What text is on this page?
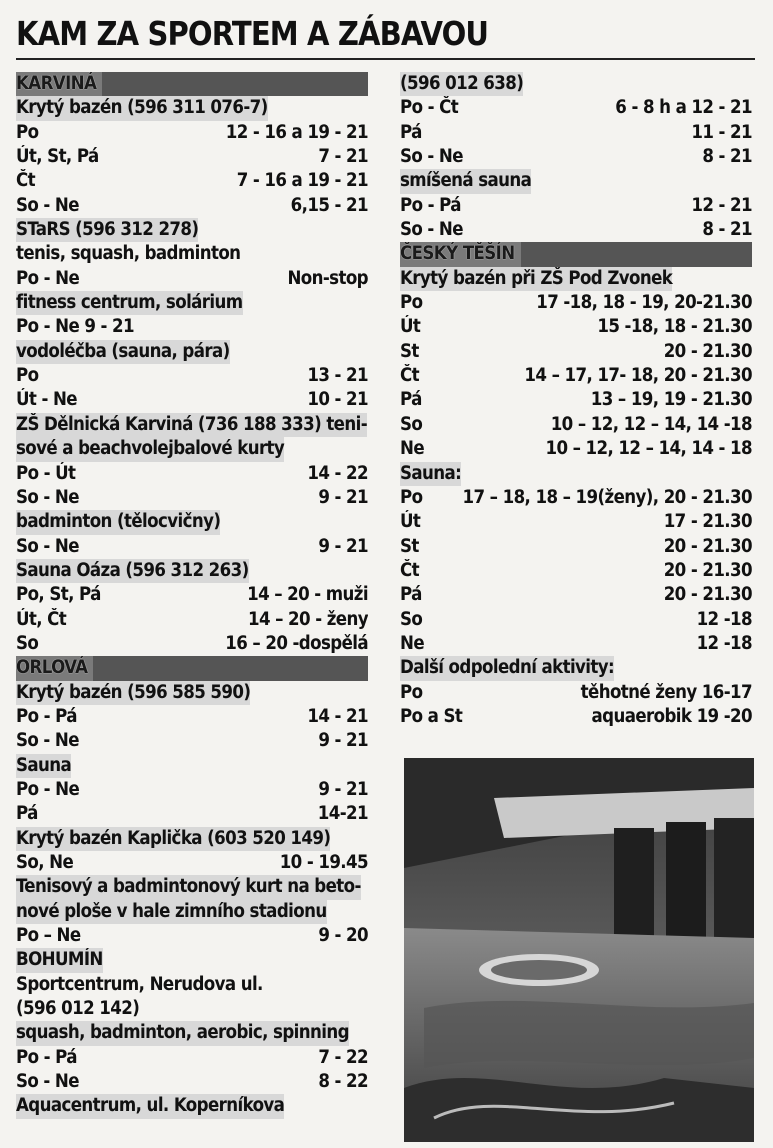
KAM ZA SPORTEM A ZÁBAVOU
KARVINÁ
Krytý bazén (596 311 076-7)
Po	12 - 16 a 19 - 21
Út, St, Pá	7 - 21
Čt	7 - 16 a 19 - 21
So - Ne	6,15 - 21
STaRS (596 312 278)
tenis, squash, badminton
Po - Ne	Non-stop
fitness centrum, solárium
Po - Ne 9 - 21
vodoléčba (sauna, pára)
Po	13 - 21
Út - Ne	10 - 21
ZŠ Dělnická Karviná (736 188 333) teni-
sové a beachvolejbalové kurty
Po - Út	14 - 22
So - Ne	9 - 21
badminton (tělocvičny)
So - Ne	9 - 21
Sauna Oáza (596 312 263)
Po, St, Pá	14 – 20 - muži
Út, Čt	14 – 20 - ženy
So	16 – 20 -dospělá
ORLOVÁ
Krytý bazén (596 585 590)
Po - Pá	14 - 21
So - Ne	9 - 21
Sauna
Po - Ne	9 - 21
Pá	14-21
Krytý bazén Kaplička (603 520 149)
So, Ne	10 - 19.45
Tenisový a badmintonový kurt na beto-
nové ploše v hale zimního stadionu
Po – Ne	9 - 20
BOHUMÍN
Sportcentrum, Nerudova ul.
(596 012 142)
squash, badminton, aerobic, spinning
Po - Pá	7 - 22
So - Ne	8 - 22
Aquacentrum, ul. Koperníkova
(596 012 638)
Po - Čt	6 - 8 h a 12 - 21
Pá	11 - 21
So - Ne	8 - 21
smíšená sauna
Po - Pá	12 - 21
So - Ne	8 - 21
ČESKÝ TĚŠÍN
Krytý bazén při ZŠ Pod Zvonek
Po	17 -18, 18 - 19, 20-21.30
Út	15 -18, 18 - 21.30
St	20 - 21.30
Čt	14 – 17, 17- 18, 20 - 21.30
Pá	13 – 19, 19 - 21.30
So	10 – 12, 12 – 14, 14 -18
Ne	10 – 12, 12 – 14, 14 - 18
Sauna:
Po 17 – 18, 18 – 19(ženy), 20 - 21.30
Út	17 - 21.30
St	20 - 21.30
Čt	20 - 21.30
Pá	20 - 21.30
So	12 -18
Ne	12 -18
Další odpolední aktivity:
Po	těhotné ženy 16-17
Po a St	aquaerobik 19 -20
